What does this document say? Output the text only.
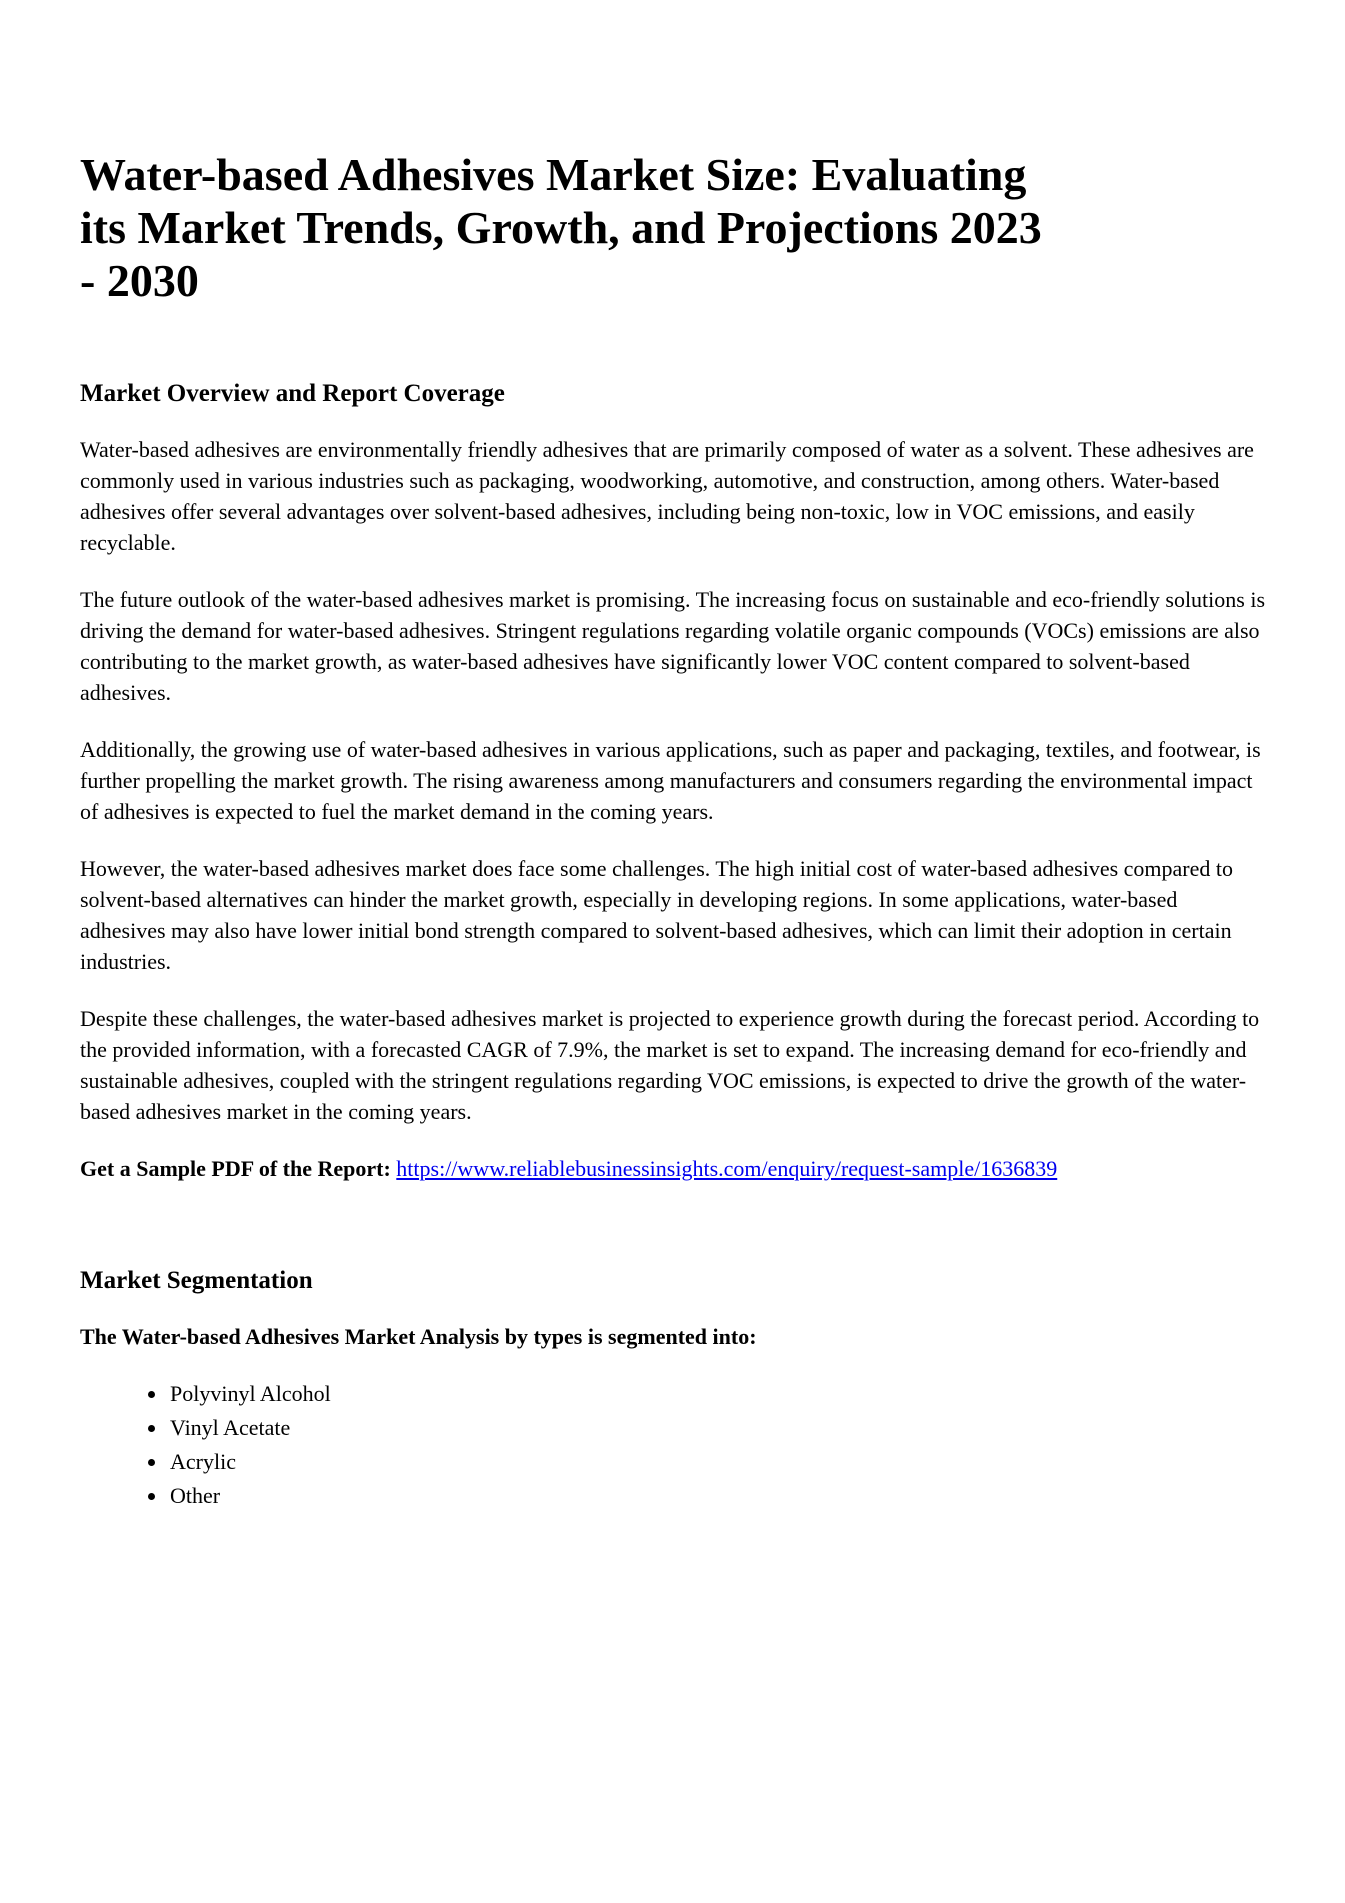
Water-based Adhesives Market Size: Evaluating
its Market Trends, Growth, and Projections 2023
- 2030
Market Overview and Report Coverage

Water-based adhesives are environmentally friendly adhesives that are primarily composed of water as a solvent. These adhesives are commonly used in various industries such as packaging, woodworking, automotive, and construction, among others. Water-based adhesives offer several advantages over solvent-based adhesives, including being non-toxic, low in VOC emissions, and easily recyclable.

The future outlook of the water-based adhesives market is promising. The increasing focus on sustainable and eco-friendly solutions is driving the demand for water-based adhesives. Stringent regulations regarding volatile organic compounds (VOCs) emissions are also contributing to the market growth, as water-based adhesives have significantly lower VOC content compared to solvent-based adhesives.

Additionally, the growing use of water-based adhesives in various applications, such as paper and packaging, textiles, and footwear, is further propelling the market growth. The rising awareness among manufacturers and consumers regarding the environmental impact of adhesives is expected to fuel the market demand in the coming years.

However, the water-based adhesives market does face some challenges. The high initial cost of water-based adhesives compared to solvent-based alternatives can hinder the market growth, especially in developing regions. In some applications, water-based adhesives may also have lower initial bond strength compared to solvent-based adhesives, which can limit their adoption in certain industries.

Despite these challenges, the water-based adhesives market is projected to experience growth during the forecast period. According to the provided information, with a forecasted CAGR of 7.9%, the market is set to expand. The increasing demand for eco-friendly and sustainable adhesives, coupled with the stringent regulations regarding VOC emissions, is expected to drive the growth of the water-based adhesives market in the coming years.

Get a Sample PDF of the Report: https://www.reliablebusinessinsights.com/enquiry/request-sample/1636839

Market Segmentation

The Water-based Adhesives Market Analysis by types is segmented into:

• Polyvinyl Alcohol
• Vinyl Acetate
• Acrylic
• Other
